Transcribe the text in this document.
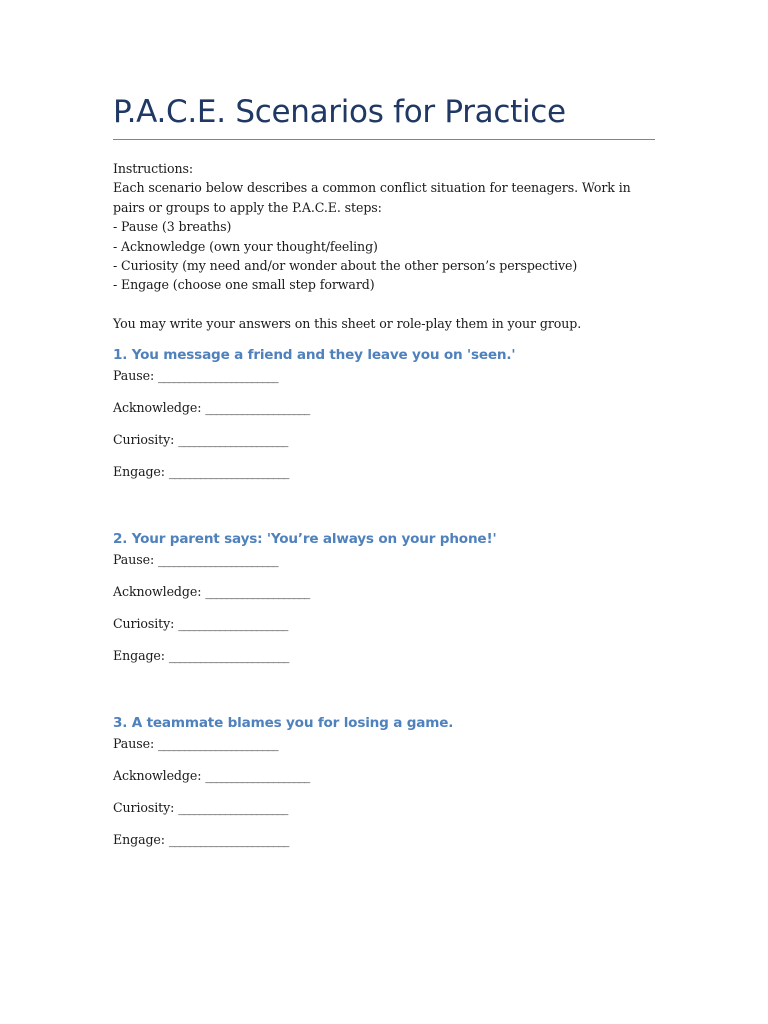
P.A.C.E. Scenarios for Practice

Instructions:

Each scenario below describes a common conflict situation for teenagers. Work in pairs or groups to apply the P.A.C.E. steps:

- Pause (3 breaths)

- Acknowledge (own your thought/feeling)

- Curiosity (my need and/or wonder about the other person’s perspective)

- Engage (choose one small step forward)

You may write your answers on this sheet or role-play them in your group.

1. You message a friend and they leave you on 'seen.'
Pause: _______________________
Acknowledge: ____________________
Curiosity: _____________________
Engage: _______________________
2. Your parent says: 'You’re always on your phone!'
Pause: _______________________
Acknowledge: ____________________
Curiosity: _____________________
Engage: _______________________
3. A teammate blames you for losing a game.
Pause: _______________________
Acknowledge: ____________________
Curiosity: _____________________
Engage: _______________________
